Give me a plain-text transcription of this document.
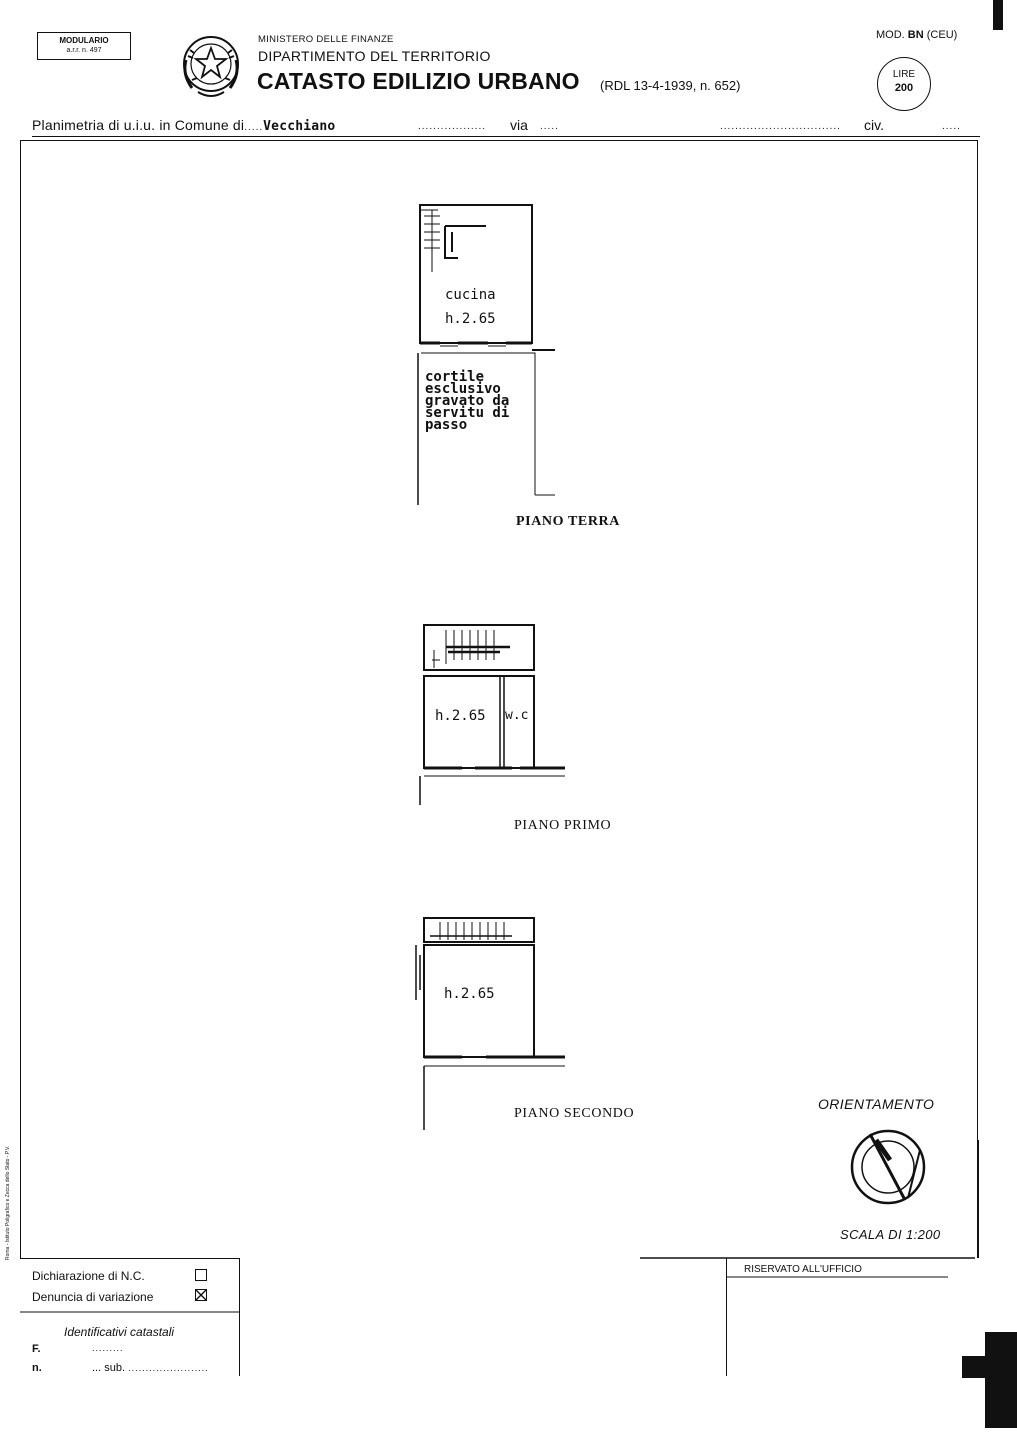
MODULARIO
a.r.r. n. 497
MINISTERO DELLE FINANZE
DIPARTIMENTO DEL TERRITORIO
CATASTO EDILIZIO URBANO (RDL 13-4-1939, n. 652)
MOD. BN (CEU)
LIRE
200
Planimetria di u.i.u. in Comune di.....Vecchiano	.................. via .....	................................ civ.	.....
cucina
h.2.65
cortile
esclusivo
gravato da
servitu di
passo
PIANO TERRA
h.2.65 w.c
PIANO PRIMO
h.2.65
PIANO SECONDO
ORIENTAMENTO
SCALA DI 1:200
Dichiarazione di N.C.
Denuncia di variazione
Identificativi catastali
F.	.........
n.	... sub. .......................
RISERVATO ALL'UFFICIO
Roma - Istituto Poligrafico e Zecca dello Stato - P.V.
